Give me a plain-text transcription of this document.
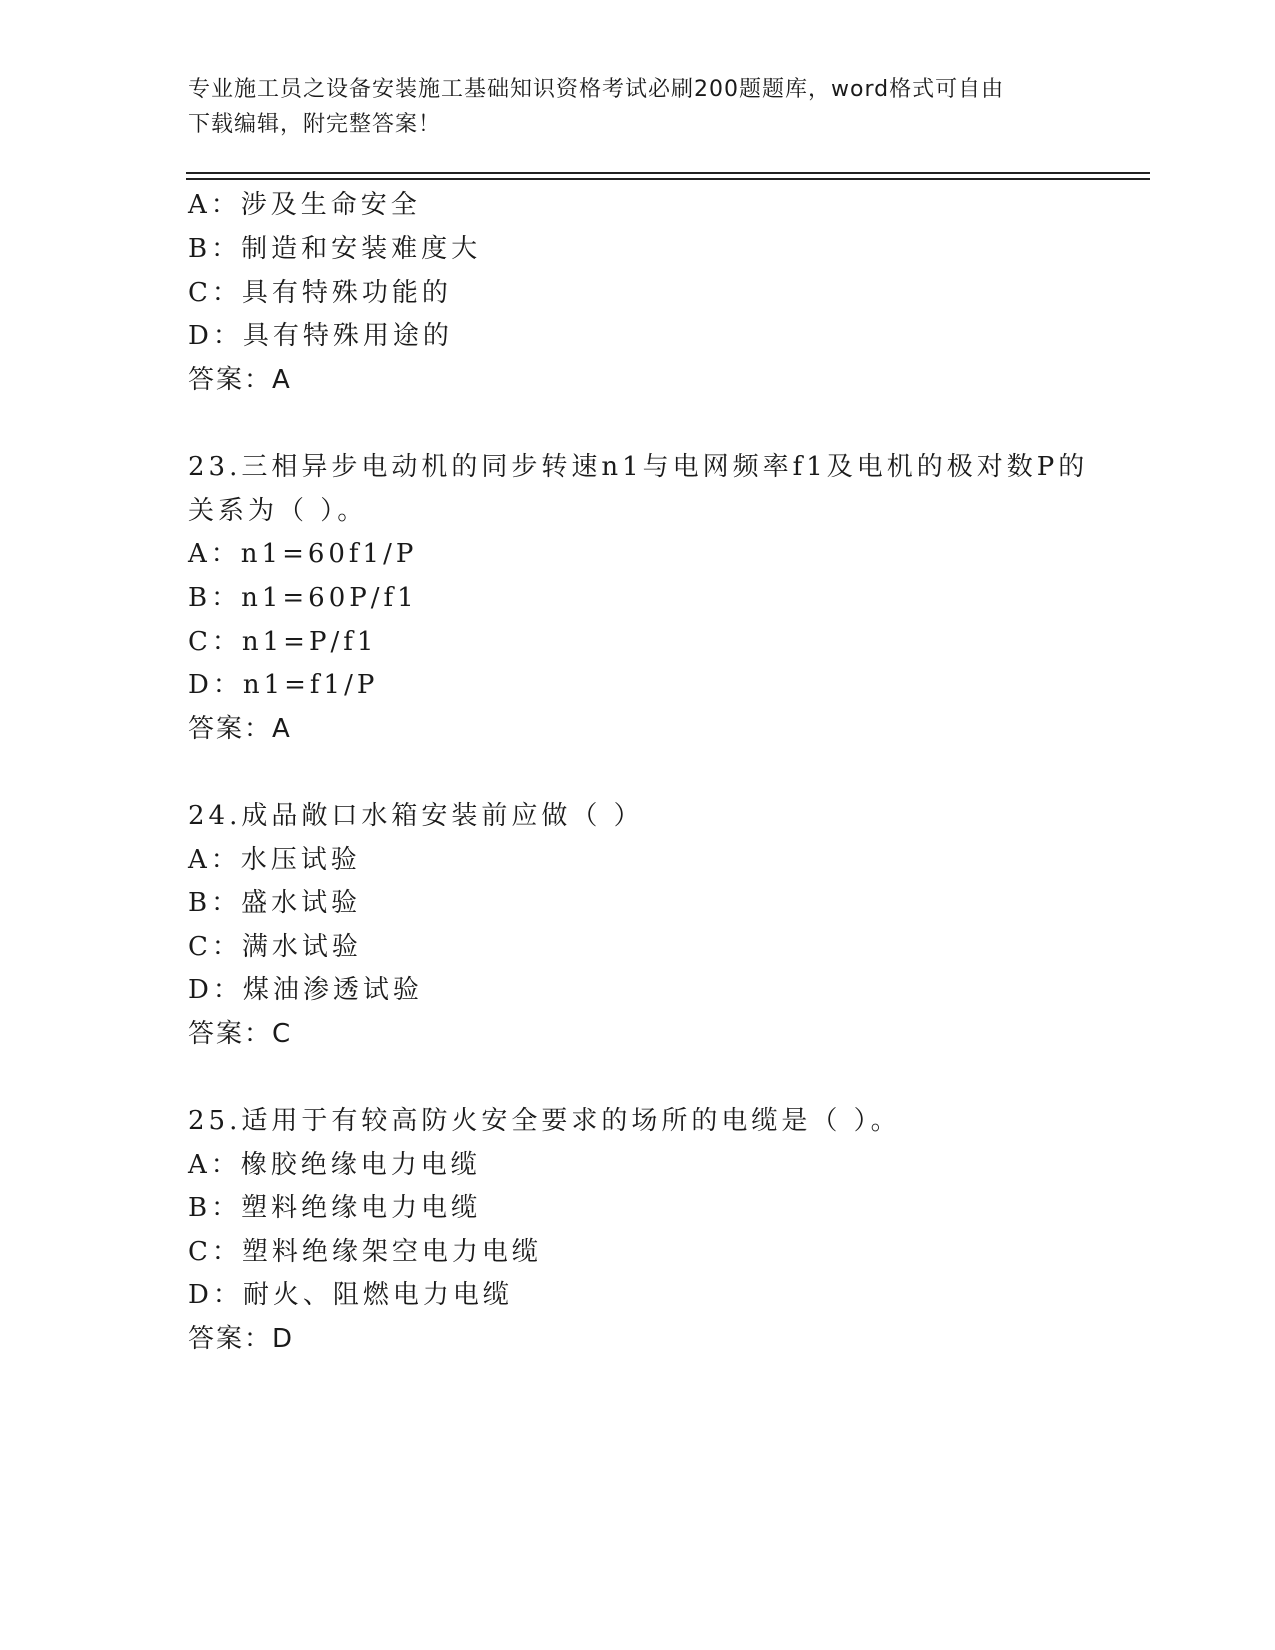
专业施工员之设备安装施工基础知识资格考试必刷200题题库，word格式可自由
下载编辑，附完整答案！
A：涉及生命安全
B：制造和安装难度大
C：具有特殊功能的
D：具有特殊用途的
答案：A
23.三相异步电动机的同步转速n1与电网频率f1及电机的极对数P的
关系为（ ）。
A：n1=60f1/P
B：n1=60P/f1
C：n1=P/f1
D：n1=f1/P
答案：A
24.成品敞口水箱安装前应做（ ）
A：水压试验
B：盛水试验
C：满水试验
D：煤油渗透试验
答案：C
25.适用于有较高防火安全要求的场所的电缆是（ ）。
A：橡胶绝缘电力电缆
B：塑料绝缘电力电缆
C：塑料绝缘架空电力电缆
D：耐火、阻燃电力电缆
答案：D
